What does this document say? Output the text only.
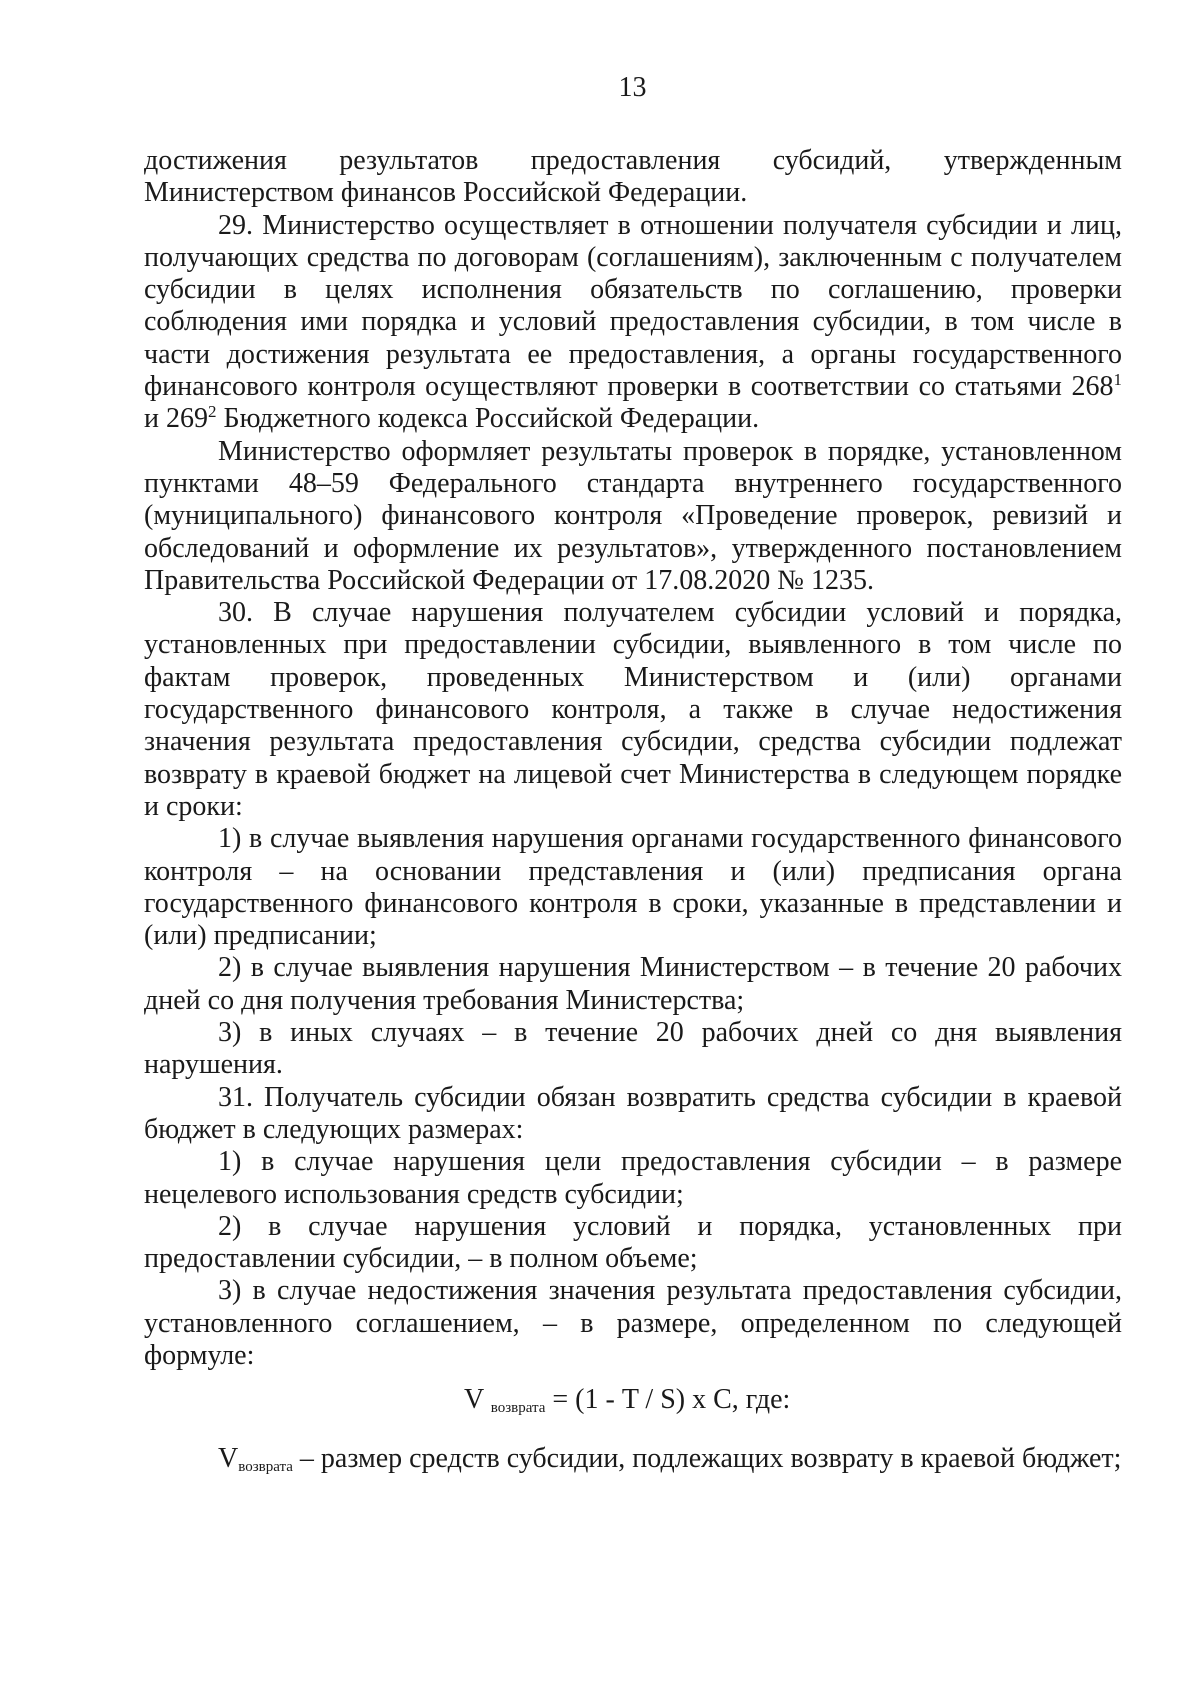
13

достижения результатов предоставления субсидий, утвержденным Министерством финансов Российской Федерации.

29. Министерство осуществляет в отношении получателя субсидии и лиц, получающих средства по договорам (соглашениям), заключенным с получателем субсидии в целях исполнения обязательств по соглашению, проверки соблюдения ими порядка и условий предоставления субсидии, в том числе в части достижения результата ее предоставления, а органы государственного финансового контроля осуществляют проверки в соответствии со статьями $268^1$ и $269^2$ Бюджетного кодекса Российской Федерации.

Министерство оформляет результаты проверок в порядке, установленном пунктами 48–59 Федерального стандарта внутреннего государственного (муниципального) финансового контроля «Проведение проверок, ревизий и обследований и оформление их результатов», утвержденного постановлением Правительства Российской Федерации от 17.08.2020 № 1235.

30. В случае нарушения получателем субсидии условий и порядка, установленных при предоставлении субсидии, выявленного в том числе по фактам проверок, проведенных Министерством и (или) органами государственного финансового контроля, а также в случае недостижения значения результата предоставления субсидии, средства субсидии подлежат возврату в краевой бюджет на лицевой счет Министерства в следующем порядке и сроки:

1) в случае выявления нарушения органами государственного финансового контроля – на основании представления и (или) предписания органа государственного финансового контроля в сроки, указанные в представлении и (или) предписании;

2) в случае выявления нарушения Министерством – в течение 20 рабочих дней со дня получения требования Министерства;

3) в иных случаях – в течение 20 рабочих дней со дня выявления нарушения.

31. Получатель субсидии обязан возвратить средства субсидии в краевой бюджет в следующих размерах:

1) в случае нарушения цели предоставления субсидии – в размере нецелевого использования средств субсидии;

2) в случае нарушения условий и порядка, установленных при предоставлении субсидии, – в полном объеме;

3) в случае недостижения значения результата предоставления субсидии, установленного соглашением, – в размере, определенном по следующей формуле:

V возврата = (1 - T / S) x C, где:

Vвозврата – размер средств субсидии, подлежащих возврату в краевой бюджет;
